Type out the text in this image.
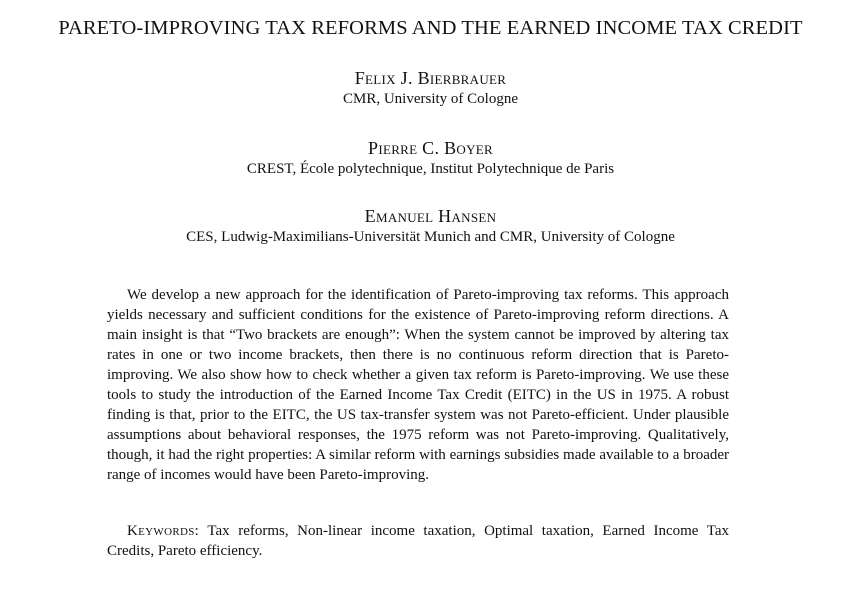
PARETO-IMPROVING TAX REFORMS AND THE EARNED INCOME TAX CREDIT
Felix J. Bierbrauer
CMR, University of Cologne
Pierre C. Boyer
CREST, École polytechnique, Institut Polytechnique de Paris
Emanuel Hansen
CES, Ludwig-Maximilians-Universität Munich and CMR, University of Cologne

We develop a new approach for the identification of Pareto-improving tax reforms. This approach yields necessary and sufficient conditions for the existence of Pareto-improving reform directions. A main insight is that “Two brackets are enough”: When the system cannot be improved by altering tax rates in one or two income brackets, then there is no continuous reform direction that is Pareto-improving. We also show how to check whether a given tax reform is Pareto-improving. We use these tools to study the introduction of the Earned Income Tax Credit (EITC) in the US in 1975. A robust finding is that, prior to the EITC, the US tax-transfer system was not Pareto-efficient. Under plausible assumptions about behavioral responses, the 1975 reform was not Pareto-improving. Qualitatively, though, it had the right properties: A similar reform with earnings subsidies made available to a broader range of incomes would have been Pareto-improving.

Keywords: Tax reforms, Non-linear income taxation, Optimal taxation, Earned Income Tax Credits, Pareto efficiency.
